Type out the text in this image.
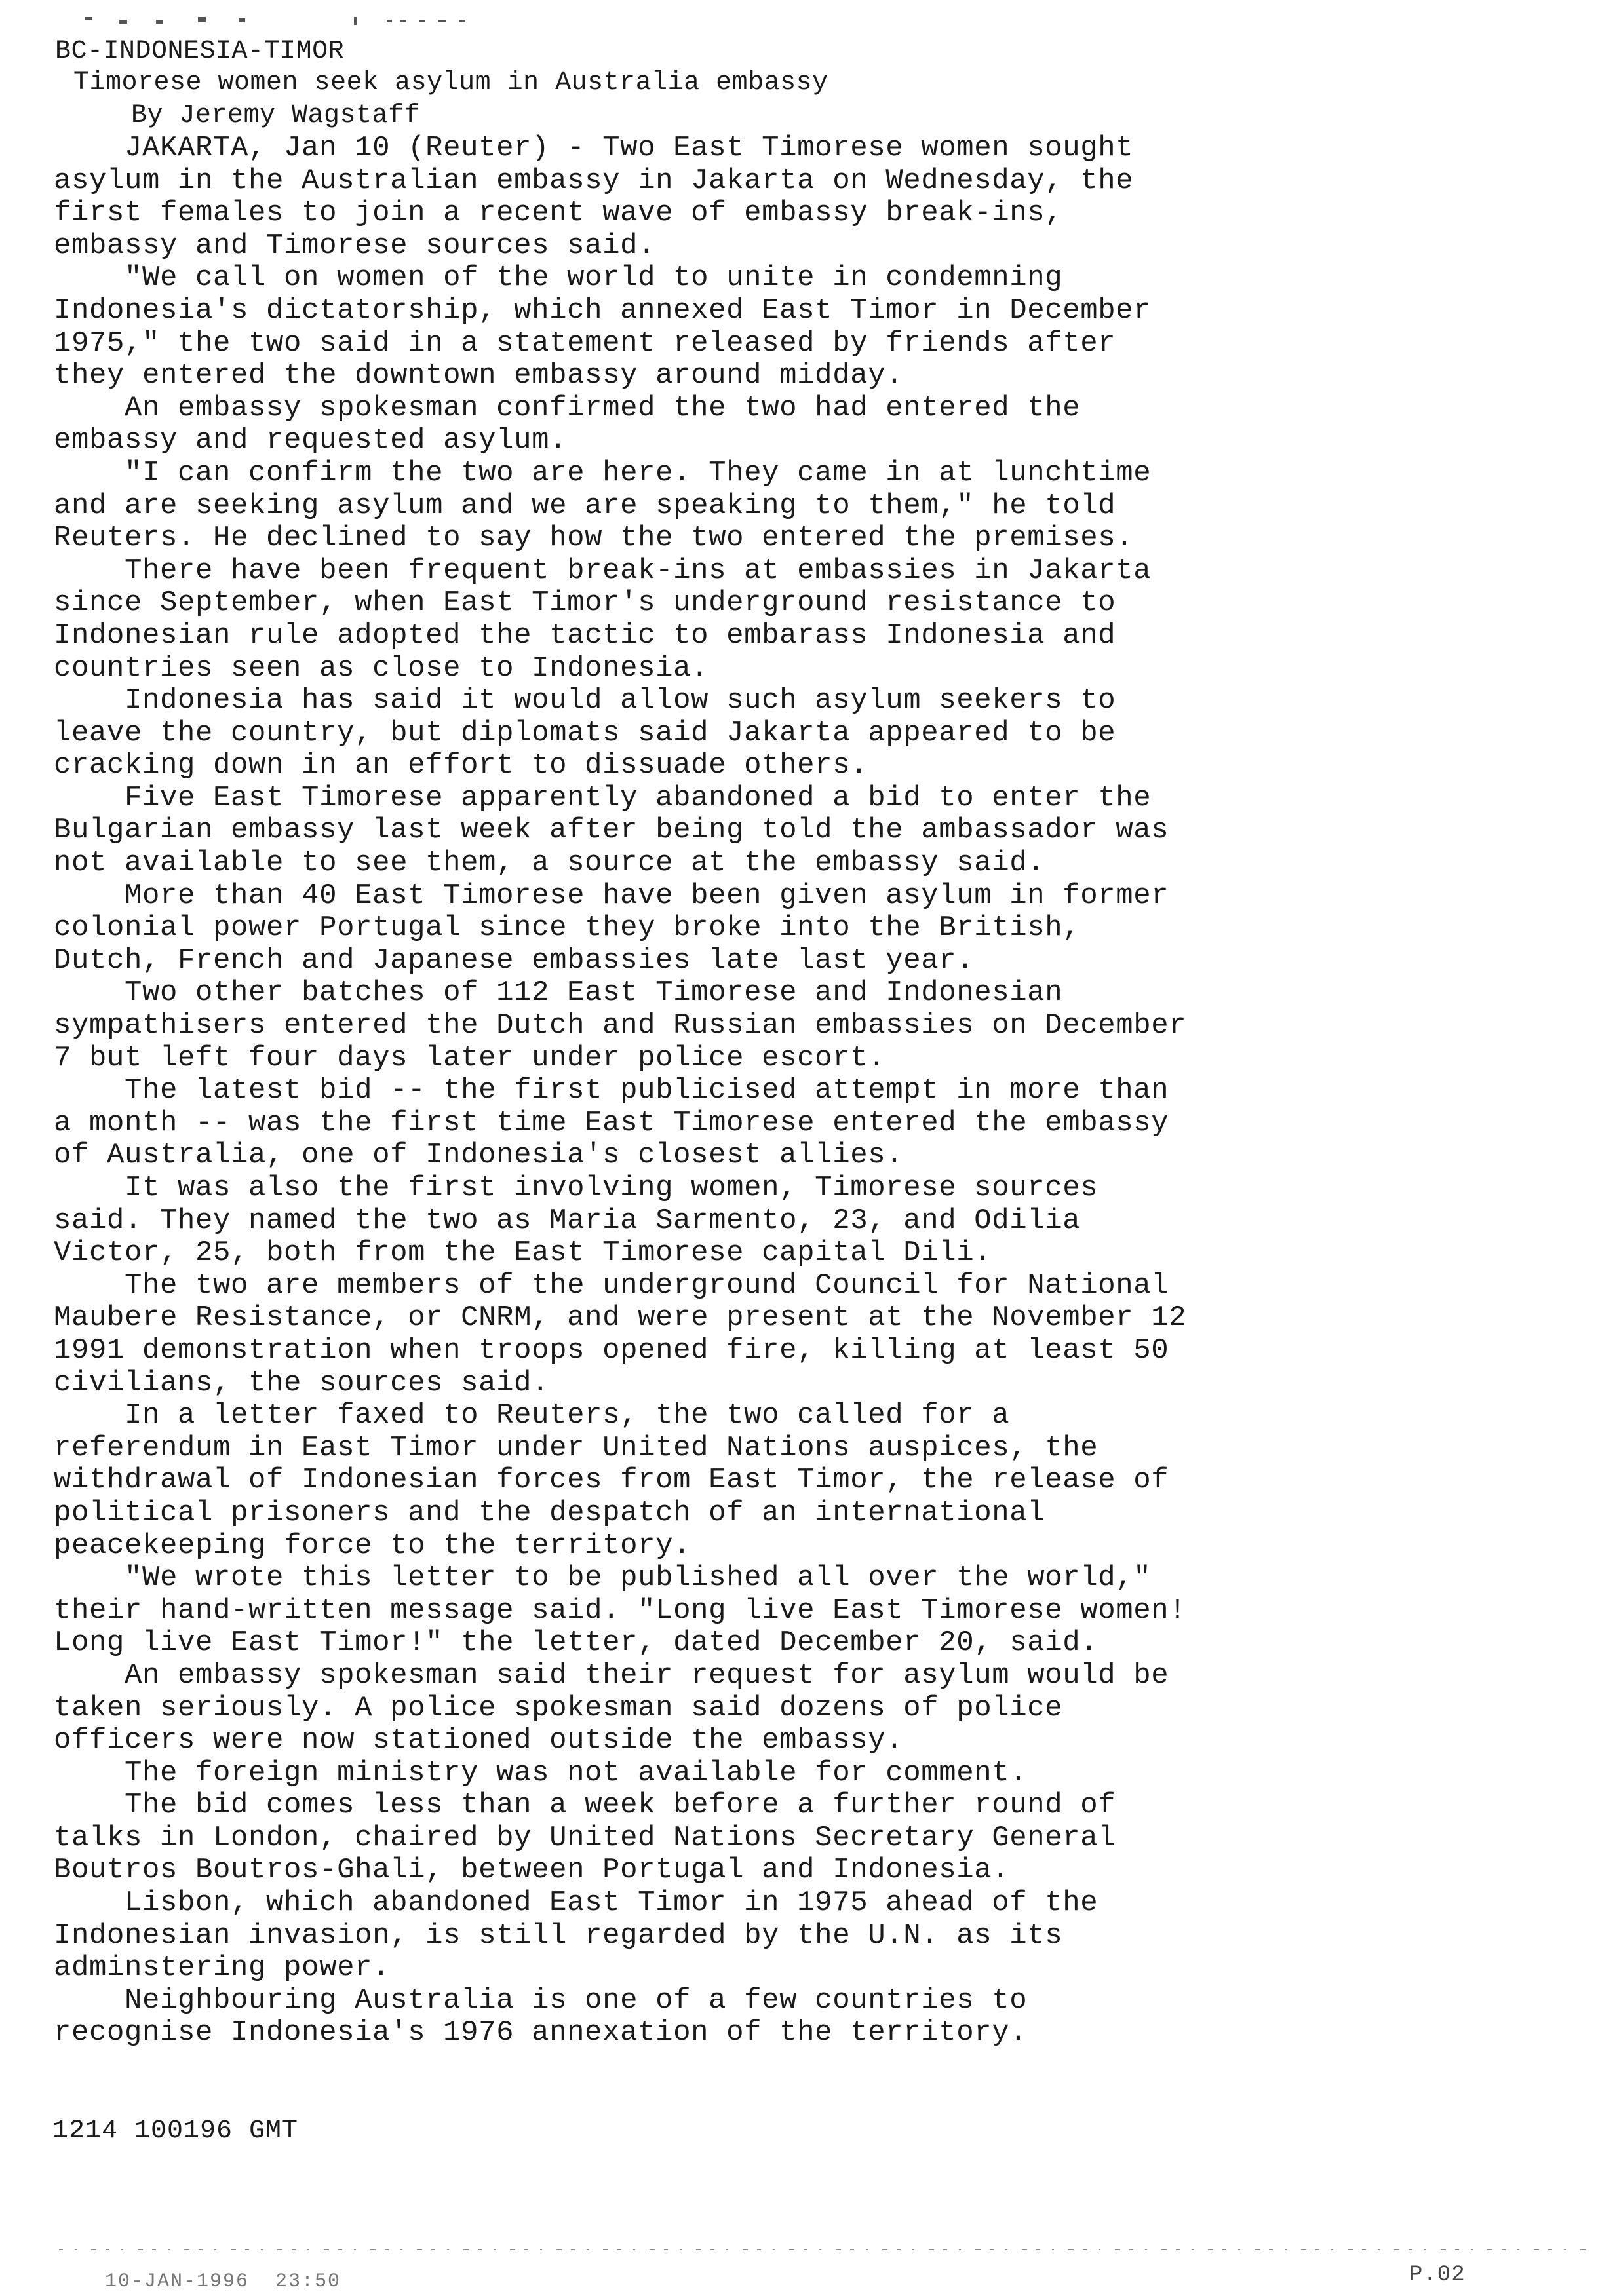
BC-INDONESIA-TIMOR
Timorese women seek asylum in Australia embassy
By Jeremy Wagstaff

JAKARTA, Jan 10 (Reuter) - Two East Timorese women sought

asylum in the Australian embassy in Jakarta on Wednesday, the

first females to join a recent wave of embassy break-ins,

embassy and Timorese sources said.

"We call on women of the world to unite in condemning

Indonesia's dictatorship, which annexed East Timor in December

1975," the two said in a statement released by friends after

they entered the downtown embassy around midday.

An embassy spokesman confirmed the two had entered the

embassy and requested asylum.

"I can confirm the two are here. They came in at lunchtime

and are seeking asylum and we are speaking to them," he told

Reuters. He declined to say how the two entered the premises.

There have been frequent break-ins at embassies in Jakarta

since September, when East Timor's underground resistance to

Indonesian rule adopted the tactic to embarass Indonesia and

countries seen as close to Indonesia.

Indonesia has said it would allow such asylum seekers to

leave the country, but diplomats said Jakarta appeared to be

cracking down in an effort to dissuade others.

Five East Timorese apparently abandoned a bid to enter the

Bulgarian embassy last week after being told the ambassador was

not available to see them, a source at the embassy said.

More than 40 East Timorese have been given asylum in former

colonial power Portugal since they broke into the British,

Dutch, French and Japanese embassies late last year.

Two other batches of 112 East Timorese and Indonesian

sympathisers entered the Dutch and Russian embassies on December

7 but left four days later under police escort.

The latest bid -- the first publicised attempt in more than

a month -- was the first time East Timorese entered the embassy

of Australia, one of Indonesia's closest allies.

It was also the first involving women, Timorese sources

said. They named the two as Maria Sarmento, 23, and Odilia

Victor, 25, both from the East Timorese capital Dili.

The two are members of the underground Council for National

Maubere Resistance, or CNRM, and were present at the November 12

1991 demonstration when troops opened fire, killing at least 50

civilians, the sources said.

In a letter faxed to Reuters, the two called for a

referendum in East Timor under United Nations auspices, the

withdrawal of Indonesian forces from East Timor, the release of

political prisoners and the despatch of an international

peacekeeping force to the territory.

"We wrote this letter to be published all over the world,"

their hand-written message said. "Long live East Timorese women!

Long live East Timor!" the letter, dated December 20, said.

An embassy spokesman said their request for asylum would be

taken seriously. A police spokesman said dozens of police

officers were now stationed outside the embassy.

The foreign ministry was not available for comment.

The bid comes less than a week before a further round of

talks in London, chaired by United Nations Secretary General

Boutros Boutros-Ghali, between Portugal and Indonesia.

Lisbon, which abandoned East Timor in 1975 ahead of the

Indonesian invasion, is still regarded by the U.N. as its

adminstering power.

Neighbouring Australia is one of a few countries to

recognise Indonesia's 1976 annexation of the territory.

1214 100196 GMT
10-JAN-1996  23:50	P.02
